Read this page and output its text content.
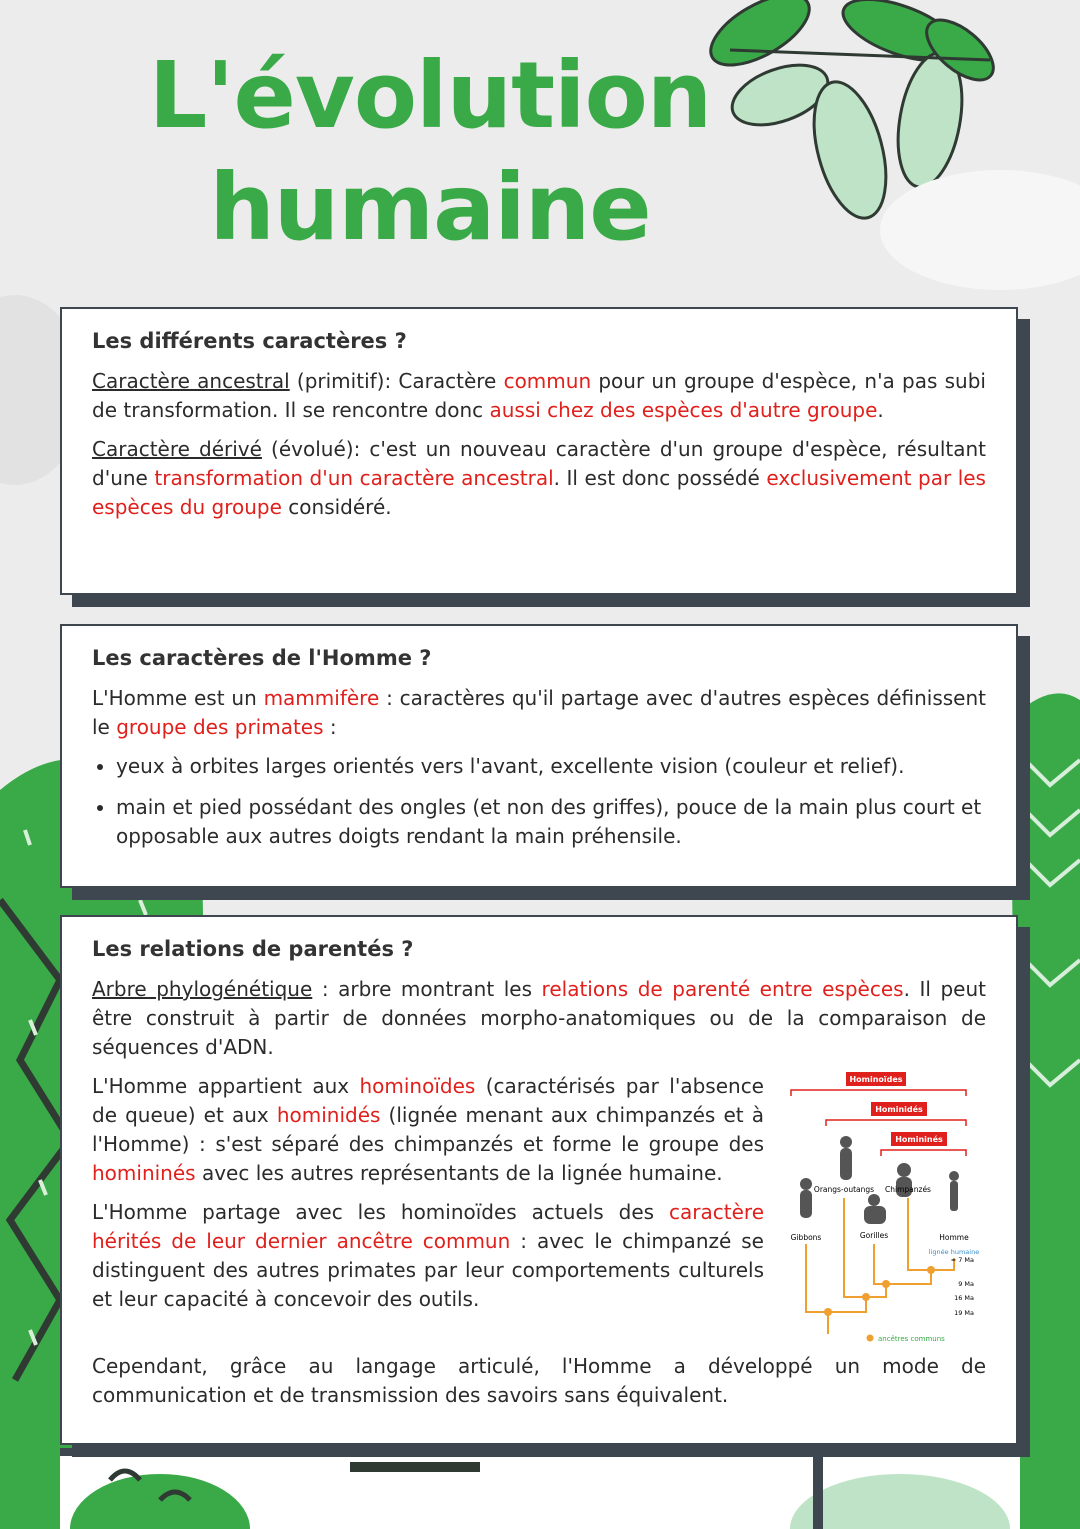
L'évolution
humaine
Les différents caractères ?

Caractère ancestral (primitif): Caractère commun pour un groupe d'espèce, n'a pas subi de transformation. Il se rencontre donc aussi chez des espèces d'autre groupe.

Caractère dérivé (évolué): c'est un nouveau caractère d'un groupe d'espèce, résultant d'une transformation d'un caractère ancestral. Il est donc possédé exclusivement par les espèces du groupe considéré.

Les caractères de l'Homme ?

L'Homme est un mammifère : caractères qu'il partage avec d'autres espèces définissent le groupe des primates :

• yeux à orbites larges orientés vers l'avant, excellente vision (couleur et relief).
• main et pied possédant des ongles (et non des griffes), pouce de la main plus court et opposable aux autres doigts rendant la main préhensile.
Les relations de parentés ?

Arbre phylogénétique : arbre montrant les relations de parenté entre espèces. Il peut être construit à partir de données morpho-anatomiques ou de la comparaison de séquences d'ADN.

L'Homme appartient aux hominoïdes (caractérisés par l'absence de queue) et aux hominidés (lignée menant aux chimpanzés et à l'Homme) : s'est séparé des chimpanzés et forme le groupe des homininés avec les autres représentants de la lignée humaine.

L'Homme partage avec les hominoïdes actuels des caractère hérités de leur dernier ancêtre commun : avec le chimpanzé se distinguent des autres primates par leur comportements culturels et leur capacité à concevoir des outils.

Hominoïdes
Hominidés
Homininés
Gibbons
Orangs-outangs
Gorilles
Chimpanzés
Homme
lignée humaine
≈ 7 Ma
9 Ma
16 Ma
19 Ma
ancêtres communs

Cependant, grâce au langage articulé, l'Homme a développé un mode de communication et de transmission des savoirs sans équivalent.
